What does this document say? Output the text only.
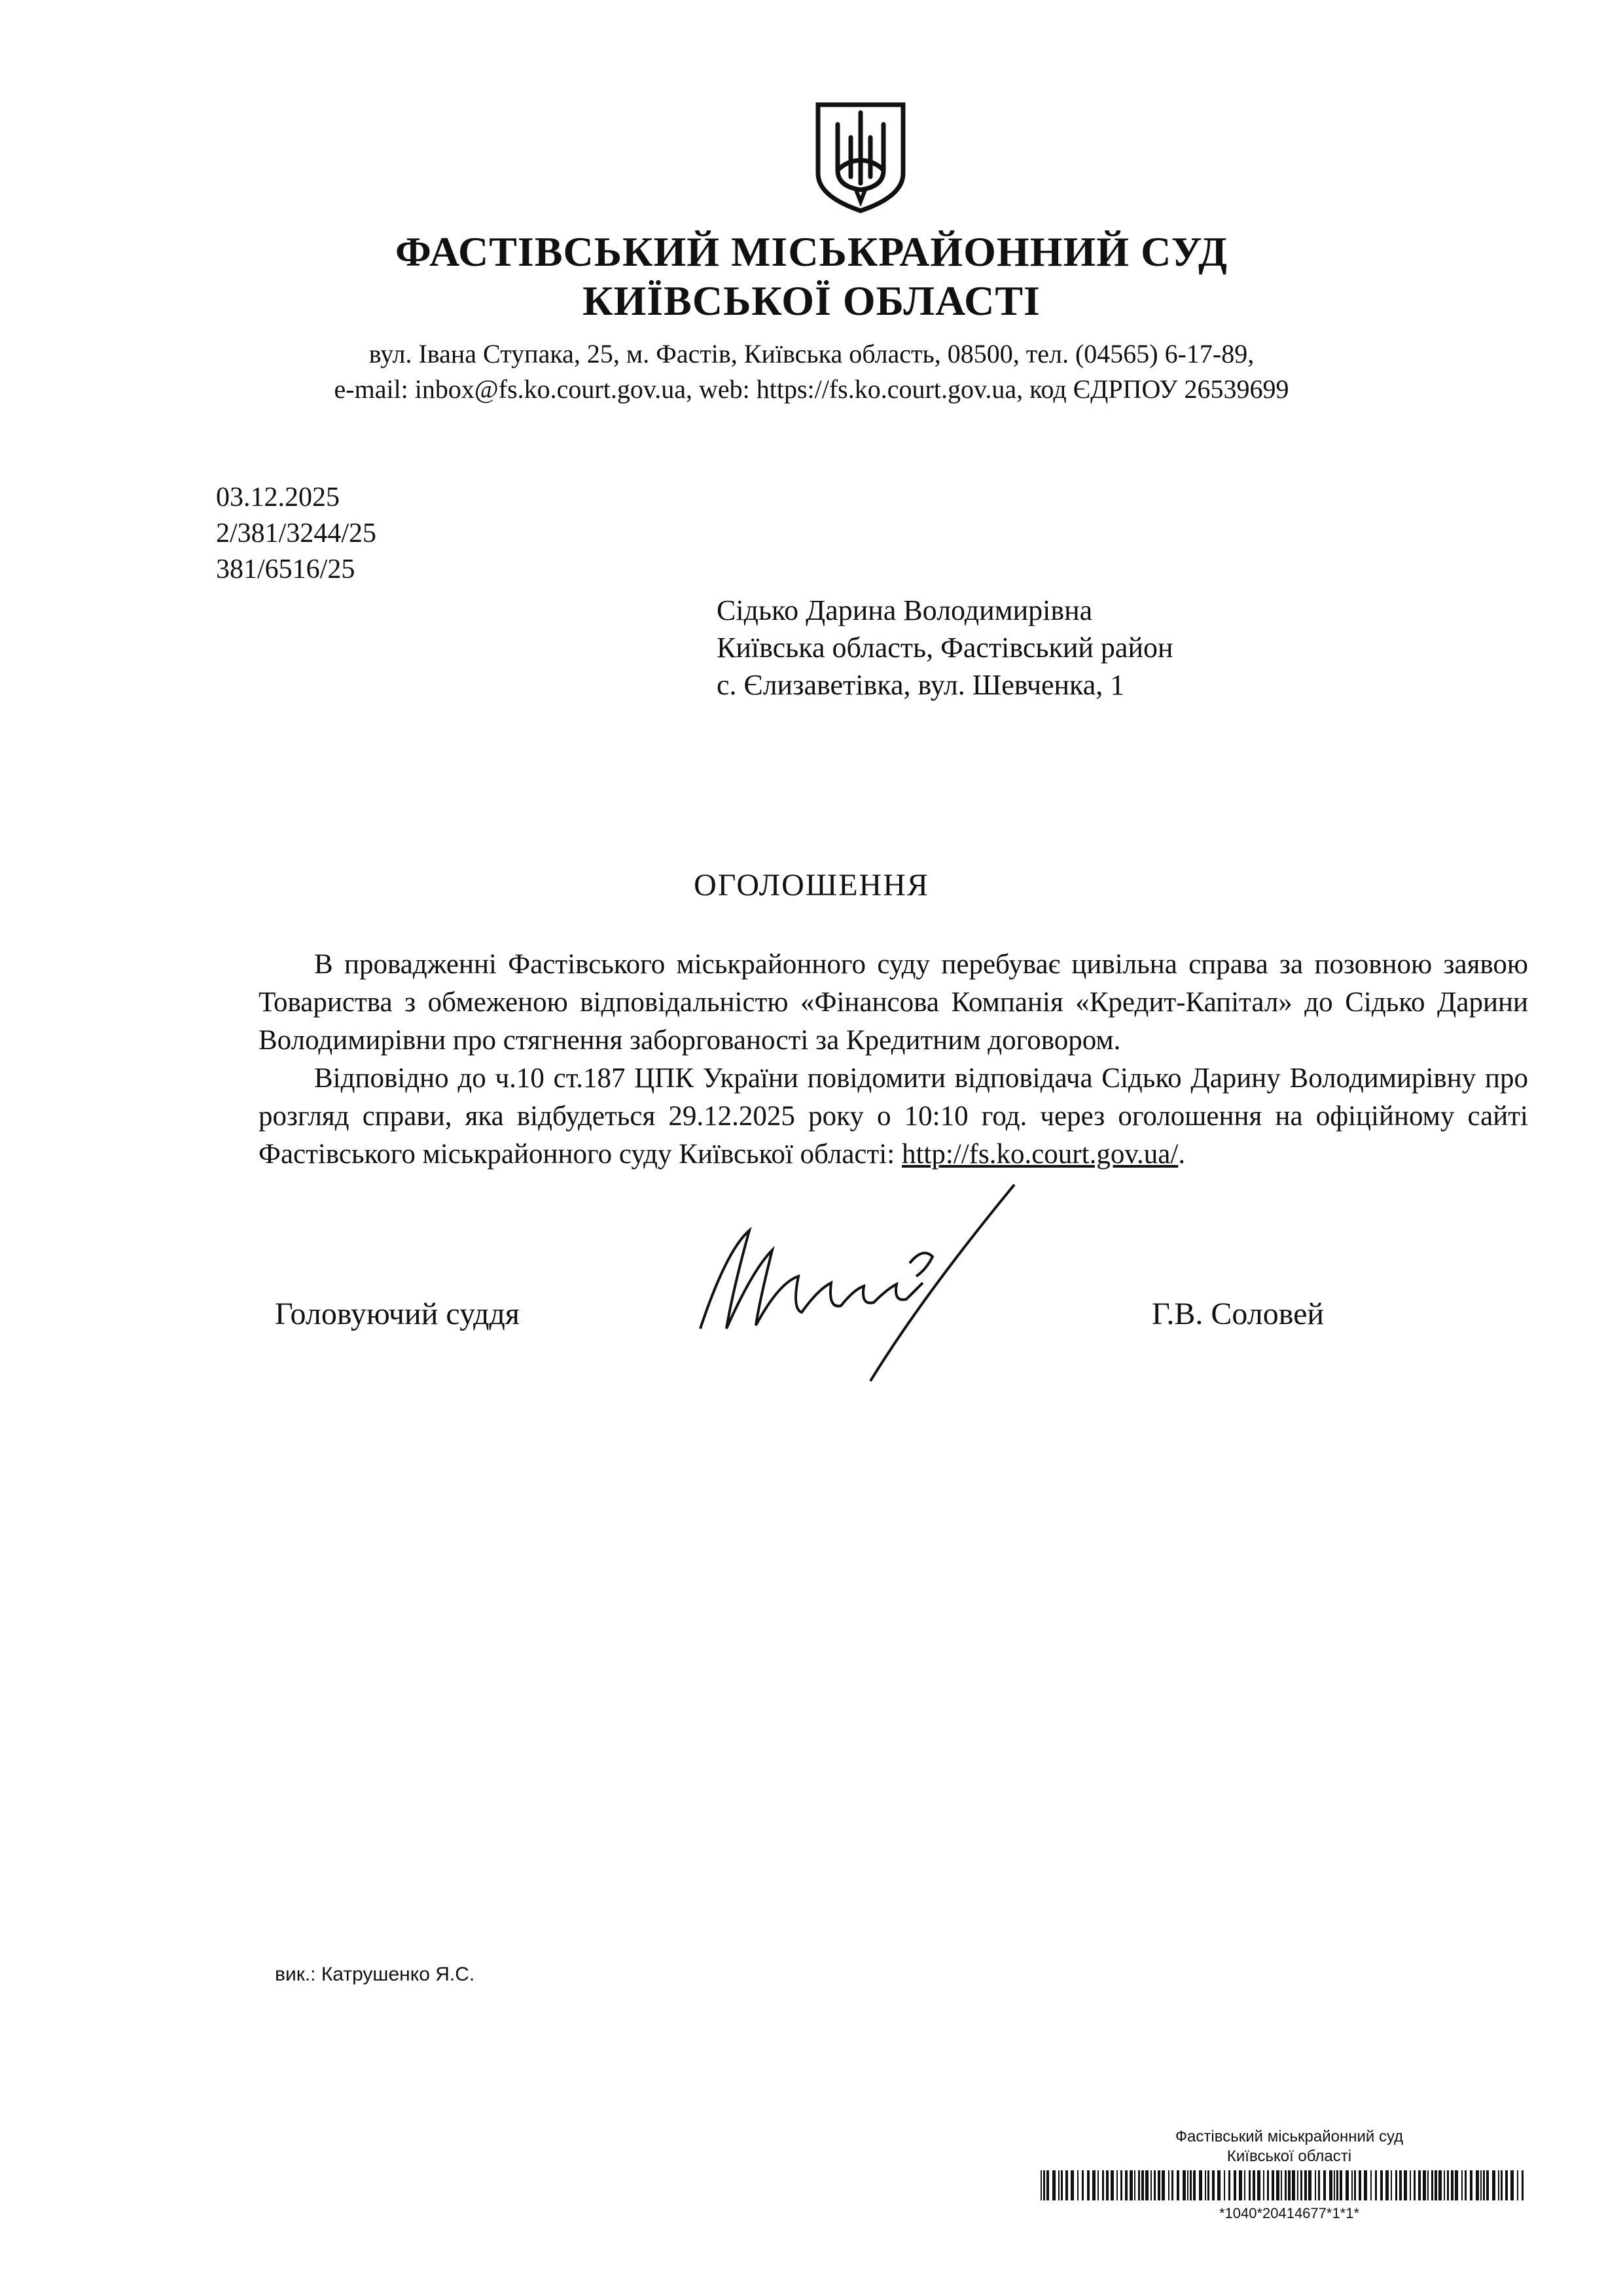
ФАСТІВСЬКИЙ МІСЬКРАЙОННИЙ СУД
КИЇВСЬКОЇ ОБЛАСТІ
вул. Івана Ступака, 25, м. Фастів, Київська область, 08500, тел. (04565) 6-17-89,
e-mail: inbox@fs.ko.court.gov.ua, web: https://fs.ko.court.gov.ua, код ЄДРПОУ 26539699
03.12.2025
2/381/3244/25
381/6516/25
Сідько Дарина Володимирівна
Київська область, Фастівський район
с. Єлизаветівка, вул. Шевченка, 1
ОГОЛОШЕННЯ

В провадженні Фастівського міськрайонного суду перебуває цивільна справа за позовною заявою Товариства з обмеженою відповідальністю «Фінансова Компанія «Кредит-Капітал» до Сідько Дарини Володимирівни про стягнення заборгованості за Кредитним договором.

Відповідно до ч.10 ст.187 ЦПК України повідомити відповідача Сідько Дарину Володимирівну про розгляд справи, яка відбудеться 29.12.2025 року о 10:10 год. через оголошення на офіційному сайті Фастівського міськрайонного суду Київської області: http://fs.ko.court.gov.ua/.

Головуючий суддя	Г.В. Соловей
вик.: Катрушенко Я.С.
Фастівський міськрайонний суд
Київської області
*1040*20414677*1*1*
